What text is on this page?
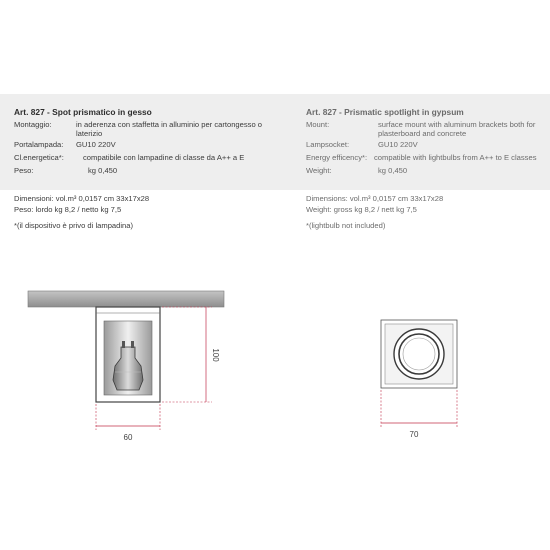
Art. 827 - Spot prismatico in gesso
Montaggio:	in aderenza con staffetta in alluminio per cartongesso o laterizio
Portalampada: GU10 220V
Cl.energetica*:	compatibile con lampadine di classe da A++ a E
Peso:	kg 0,450
Dimensioni: vol.m³ 0,0157 cm 33x17x28
Peso: lordo kg 8,2 / netto kg 7,5
*(il dispositivo è privo di lampadina)
Art. 827 - Prismatic spotlight in gypsum
Mount:	surface mount with aluminum brackets both for plasterboard and concrete
Lampsocket:	GU10 220V
Energy efficency*: compatible with lightbulbs from A++ to E classes
Weight:	kg 0,450
Dimensions: vol.m³ 0,0157 cm 33x17x28
Weight: gross kg 8,2 / nett kg 7,5
*(lightbulb not included)
60
100
70
